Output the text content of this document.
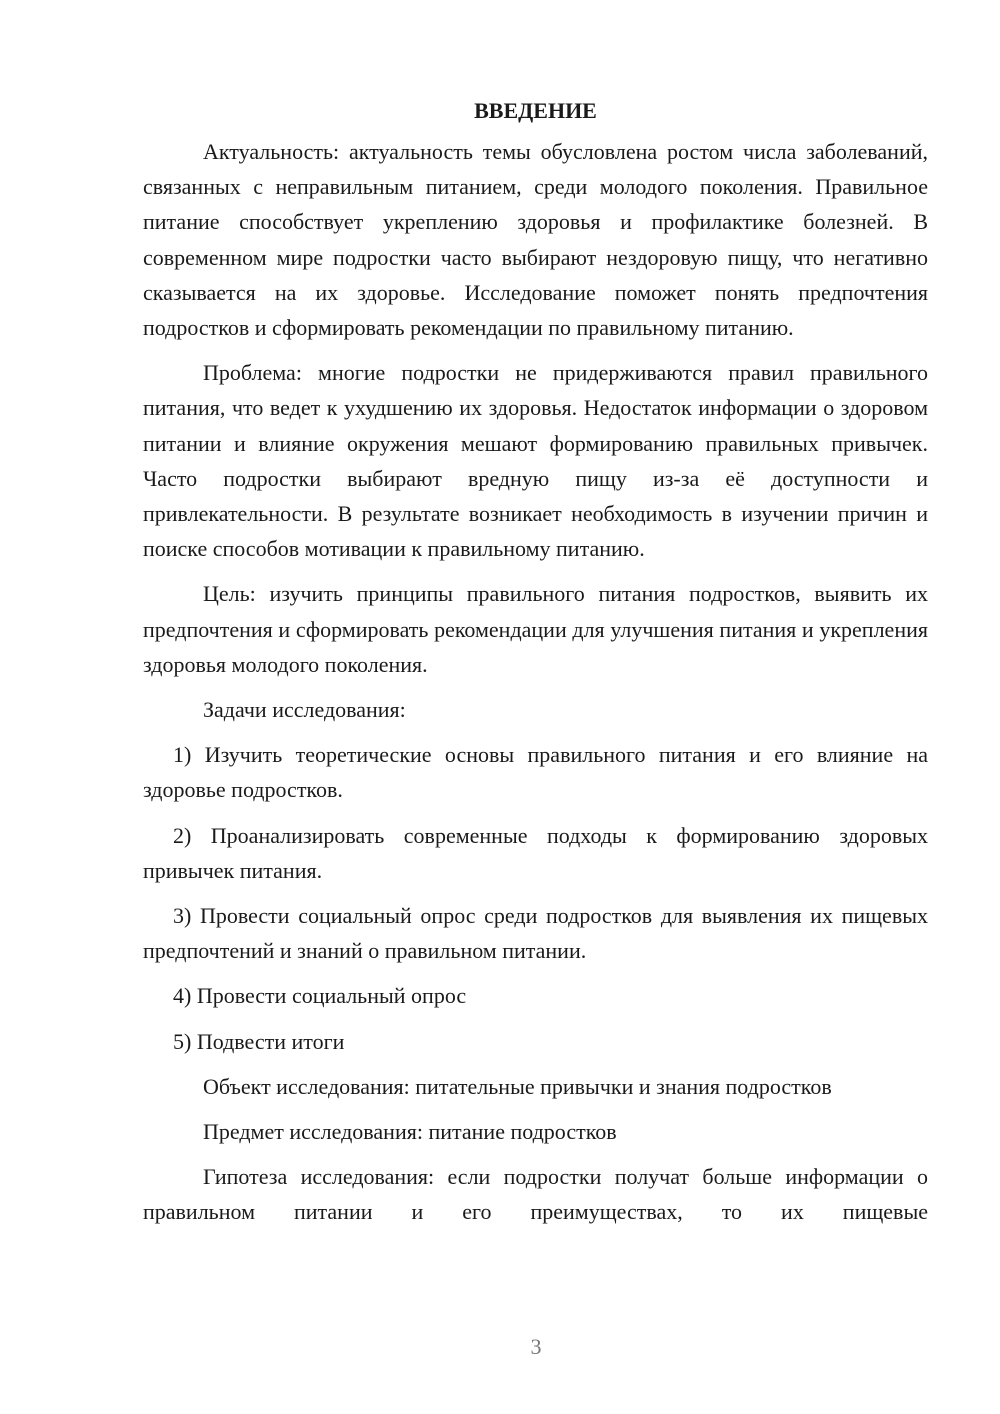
ВВЕДЕНИЕ

Актуальность: актуальность темы обусловлена ростом числа заболеваний, связанных с неправильным питанием, среди молодого поколения. Правильное питание способствует укреплению здоровья и профилактике болезней. В современном мире подростки часто выбирают нездоровую пищу, что негативно сказывается на их здоровье. Исследование поможет понять предпочтения подростков и сформировать рекомендации по правильному питанию.

Проблема: многие подростки не придерживаются правил правильного питания, что ведет к ухудшению их здоровья. Недостаток информации о здоровом питании и влияние окружения мешают формированию правильных привычек. Часто подростки выбирают вредную пищу из-за её доступности и привлекательности. В результате возникает необходимость в изучении причин и поиске способов мотивации к правильному питанию.

Цель: изучить принципы правильного питания подростков, выявить их предпочтения и сформировать рекомендации для улучшения питания и укрепления здоровья молодого поколения.

Задачи исследования:

1) Изучить теоретические основы правильного питания и его влияние на здоровье подростков.

2) Проанализировать современные подходы к формированию здоровых привычек питания.

3) Провести социальный опрос среди подростков для выявления их пищевых предпочтений и знаний о правильном питании.

4) Провести социальный опрос

5) Подвести итоги

Объект исследования: питательные привычки и знания подростков

Предмет исследования: питание подростков

Гипотеза исследования: если подростки получат больше информации о правильном питании и его преимуществах, то их пищевые

3
